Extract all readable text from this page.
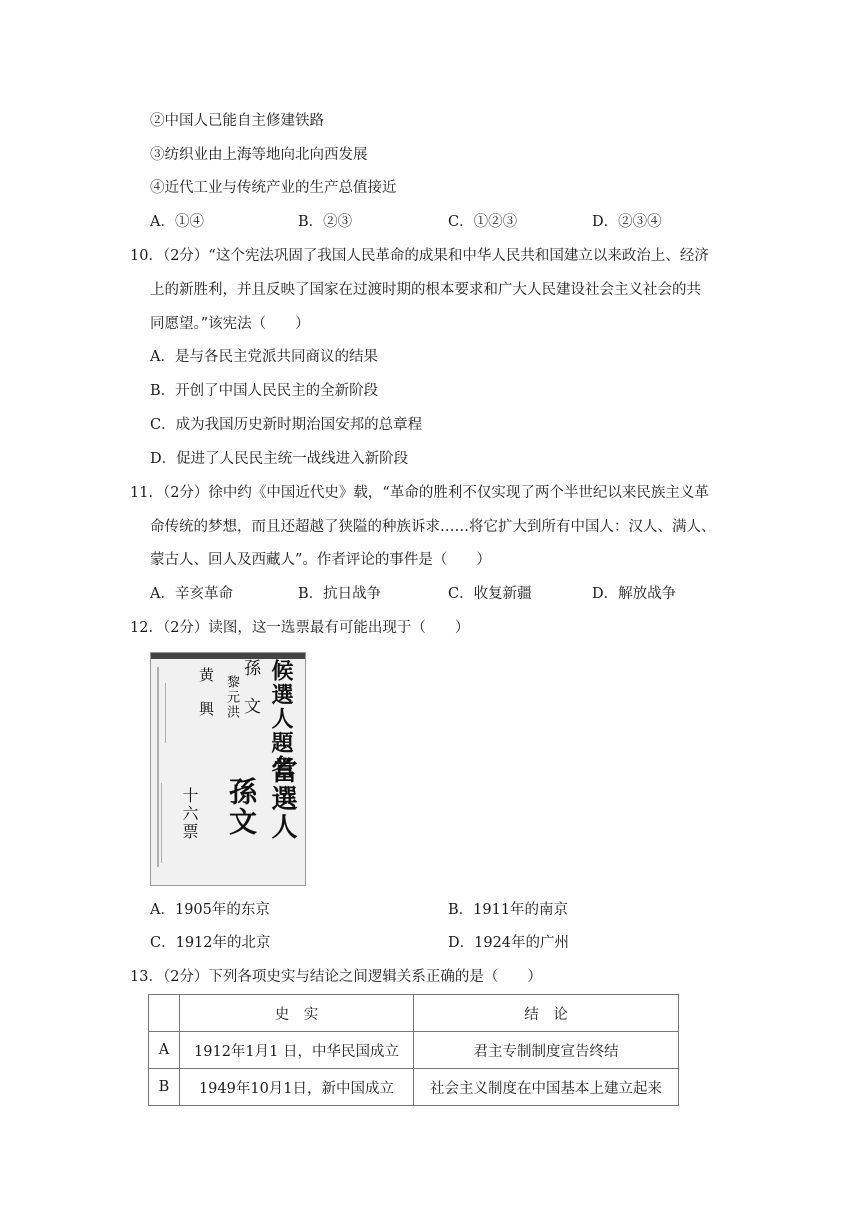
②中国人已能自主修建铁路
③纺织业由上海等地向北向西发展
④近代工业与传统产业的生产总值接近
A．①④	B．②③	C．①②③	D．②③④
10．（2分）“这个宪法巩固了我国人民革命的成果和中华人民共和国建立以来政治上、经济
上的新胜利，并且反映了国家在过渡时期的根本要求和广大人民建设社会主义社会的共
同愿望。”该宪法（　　）
A．是与各民主党派共同商议的结果
B．开创了中国人民民主的全新阶段
C．成为我国历史新时期治国安邦的总章程
D．促进了人民民主统一战线进入新阶段
11．（2分）徐中约《中国近代史》载，“革命的胜利不仅实现了两个半世纪以来民族主义革
命传统的梦想，而且还超越了狭隘的种族诉求……将它扩大到所有中国人：汉人、满人、
蒙古人、回人及西藏人”。作者评论的事件是（　　）
A．辛亥革命	B．抗日战争	C．收复新疆	D．解放战争
12．（2分）读图，这一选票最有可能出现于（　　）
候選人題名
孫　文
黎元洪
黄　興
當選人
孫文
十六票
A．1905年的东京	B．1911年的南京
C．1912年的北京	D．1924年的广州
13．（2分）下列各项史实与结论之间逻辑关系正确的是（　　）
	史　实	结　论
A	1912年1月1 日，中华民国成立	君主专制制度宣告终结
B	1949年10月1日，新中国成立	社会主义制度在中国基本上建立起来
